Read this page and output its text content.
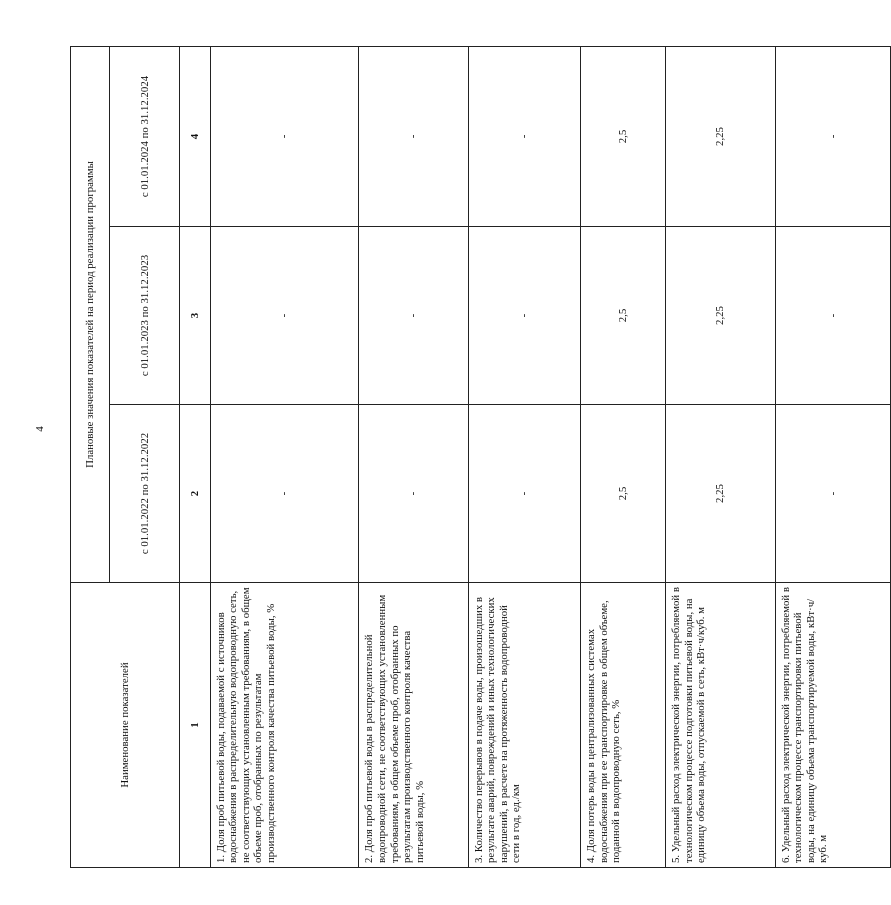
4
Наименование показателей	Плановые значения показателей на период реализации программы		
	с 01.01.2022 по 31.12.2022	с 01.01.2023 по 31.12.2023	с 01.01.2024 по 31.12.2024
1	2	3	4
1. Доля проб питьевой воды, подаваемой с источников водоснабжения в распределительную водопроводную сеть, не соответствующих установленным требованиям, в общем объеме проб, отобранных по результатам производственного контроля качества питьевой воды, %	-	-	-
2. Доля проб питьевой воды в распределительной водопроводной сети, не соответствующих установленным требованиям, в общем объеме проб, отобранных по результатам производственного контроля качества питьевой воды, %	-	-	-
3. Количество перерывов в подаче воды, произошедших в результате аварий, повреждений и иных технологических нарушений, в расчете на протяженность водопроводной сети в год, ед./км	-	-	-
4. Доля потерь воды в централизованных системах водоснабжения при ее транспортировке в общем объеме, поданной в водопроводную сеть, %	2,5	2,5	2,5
5. Удельный расход электрической энергии, потребляемой в технологическом процессе подготовки питьевой воды, на единицу объема воды, отпускаемой в сеть, кВт·ч/куб. м	2,25	2,25	2,25
6. Удельный расход электрической энергии, потребляемой в технологическом процессе транспортировки питьевой воды, на единицу объема транспортируемой воды, кВт·ч/куб. м	-	-	-
